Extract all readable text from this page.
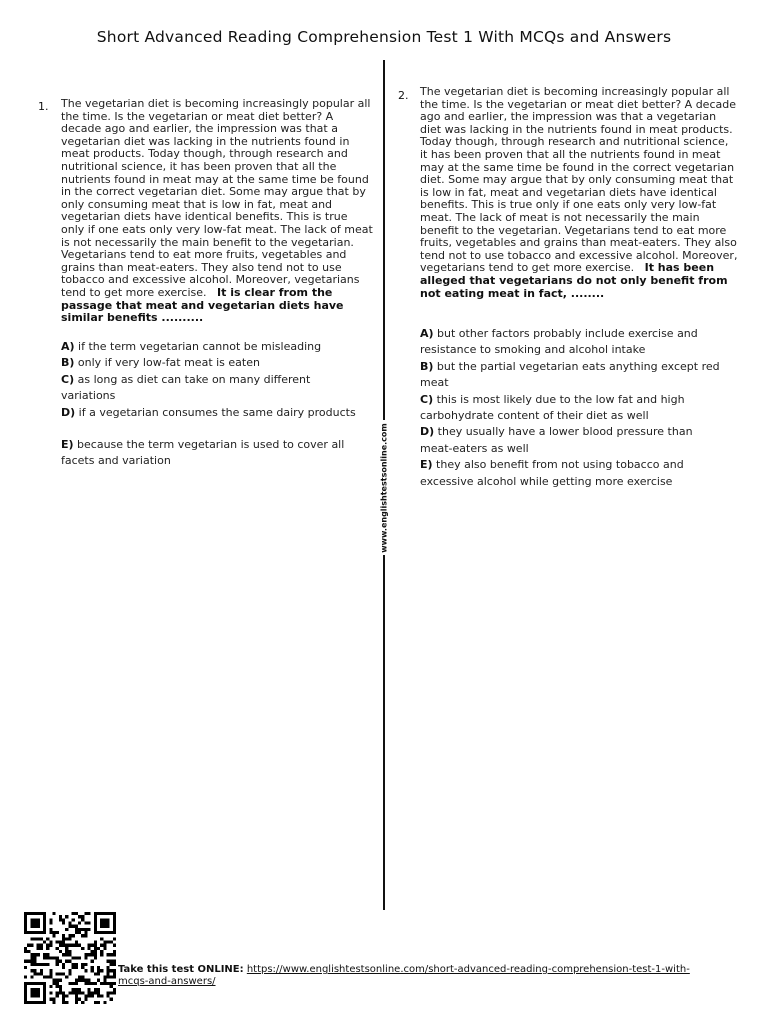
Short Advanced Reading Comprehension Test 1 With MCQs and Answers
www.englishtestsonline.com
1. The vegetarian diet is becoming increasingly popular all the time. Is the vegetarian or meat diet better? A decade ago and earlier, the impression was that a vegetarian diet was lacking in the nutrients found in meat products. Today though, through research and nutritional science, it has been proven that all the nutrients found in meat may at the same time be found in the correct vegetarian diet. Some may argue that by only consuming meat that is low in fat, meat and vegetarian diets have identical benefits. This is true only if one eats only very low-fat meat. The lack of meat is not necessarily the main benefit to the vegetarian. Vegetarians tend to eat more fruits, vegetables and grains than meat-eaters. They also tend not to use tobacco and excessive alcohol. Moreover, vegetarians tend to get more exercise. It is clear from the passage that meat and vegetarian diets have similar benefits ..........
A) if the term vegetarian cannot be misleading
B) only if very low-fat meat is eaten
C) as long as diet can take on many different variations
D) if a vegetarian consumes the same dairy products
E) because the term vegetarian is used to cover all facets and variation
2. The vegetarian diet is becoming increasingly popular all the time. Is the vegetarian or meat diet better? A decade ago and earlier, the impression was that a vegetarian diet was lacking in the nutrients found in meat products. Today though, through research and nutritional science, it has been proven that all the nutrients found in meat may at the same time be found in the correct vegetarian diet. Some may argue that by only consuming meat that is low in fat, meat and vegetarian diets have identical benefits. This is true only if one eats only very low-fat meat. The lack of meat is not necessarily the main benefit to the vegetarian. Vegetarians tend to eat more fruits, vegetables and grains than meat-eaters. They also tend not to use tobacco and excessive alcohol. Moreover, vegetarians tend to get more exercise. It has been alleged that vegetarians do not only benefit from not eating meat in fact, ........
A) but other factors probably include exercise and resistance to smoking and alcohol intake
B) but the partial vegetarian eats anything except red meat
C) this is most likely due to the low fat and high carbohydrate content of their diet as well
D) they usually have a lower blood pressure than meat-eaters as well
E) they also benefit from not using tobacco and excessive alcohol while getting more exercise
Take this test ONLINE: https://www.englishtestsonline.com/short-advanced-reading-comprehension-test-1-with-mcqs-and-answers/
